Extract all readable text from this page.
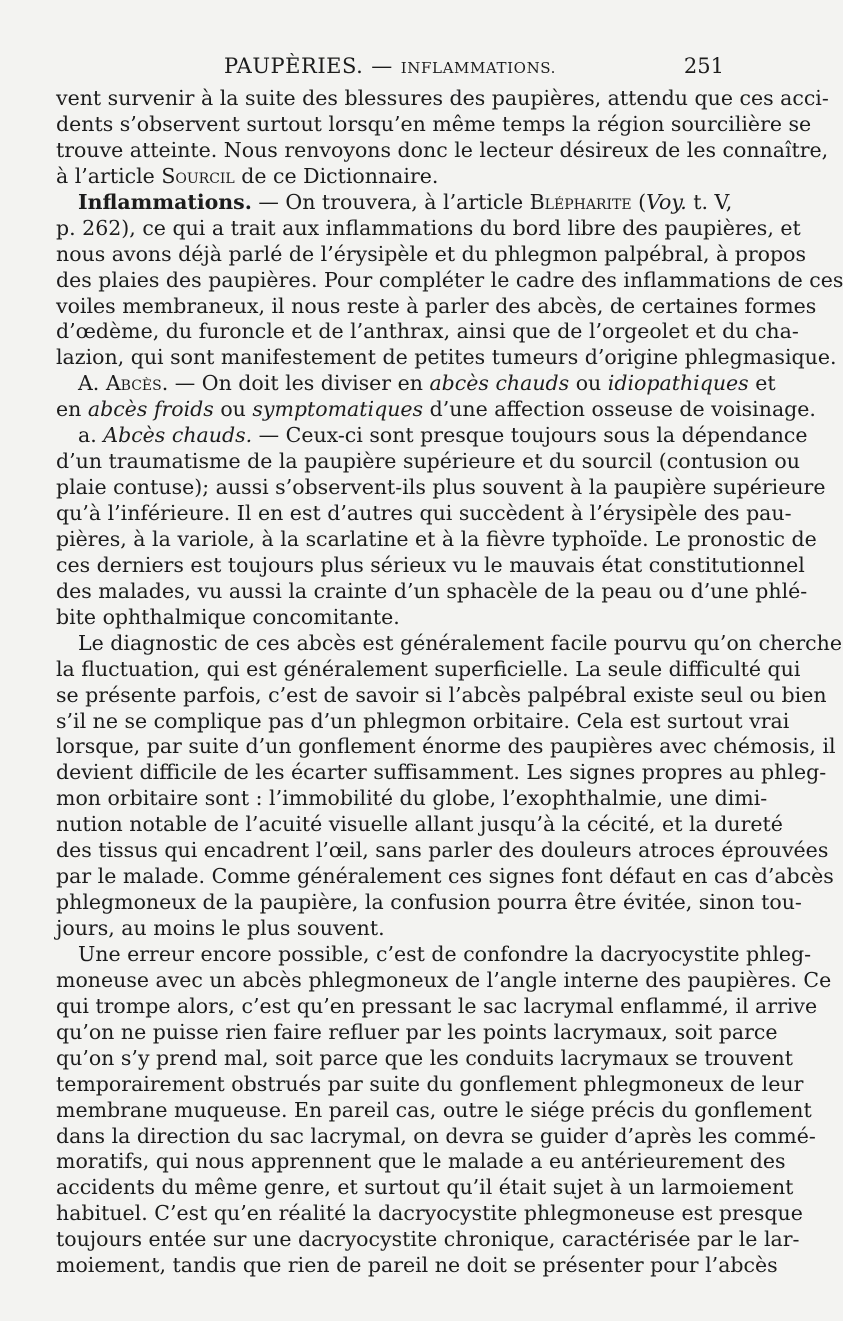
PAUPÈRIES. — INFLAMMATIONS.	251
vent survenir à la suite des blessures des paupières, attendu que ces acci-
dents s’observent surtout lorsqu’en même temps la région sourcilière se
trouve atteinte. Nous renvoyons donc le lecteur désireux de les connaître,
à l’article Sourcil de ce Dictionnaire.
Inflammations. — On trouvera, à l’article Blépharite (Voy. t. V,
p. 262), ce qui a trait aux inflammations du bord libre des paupières, et
nous avons déjà parlé de l’érysipèle et du phlegmon palpébral, à propos
des plaies des paupières. Pour compléter le cadre des inflammations de ces
voiles membraneux, il nous reste à parler des abcès, de certaines formes
d’œdème, du furoncle et de l’anthrax, ainsi que de l’orgeolet et du cha-
lazion, qui sont manifestement de petites tumeurs d’origine phlegmasique.
A. Abcès. — On doit les diviser en abcès chauds ou idiopathiques et
en abcès froids ou symptomatiques d’une affection osseuse de voisinage.
a. Abcès chauds. — Ceux-ci sont presque toujours sous la dépendance
d’un traumatisme de la paupière supérieure et du sourcil (contusion ou
plaie contuse); aussi s’observent-ils plus souvent à la paupière supérieure
qu’à l’inférieure. Il en est d’autres qui succèdent à l’érysipèle des pau-
pières, à la variole, à la scarlatine et à la fièvre typhoïde. Le pronostic de
ces derniers est toujours plus sérieux vu le mauvais état constitutionnel
des malades, vu aussi la crainte d’un sphacèle de la peau ou d’une phlé-
bite ophthalmique concomitante.
Le diagnostic de ces abcès est généralement facile pourvu qu’on cherche
la fluctuation, qui est généralement superficielle. La seule difficulté qui
se présente parfois, c’est de savoir si l’abcès palpébral existe seul ou bien
s’il ne se complique pas d’un phlegmon orbitaire. Cela est surtout vrai
lorsque, par suite d’un gonflement énorme des paupières avec chémosis, il
devient difficile de les écarter suffisamment. Les signes propres au phleg-
mon orbitaire sont : l’immobilité du globe, l’exophthalmie, une dimi-
nution notable de l’acuité visuelle allant jusqu’à la cécité, et la dureté
des tissus qui encadrent l’œil, sans parler des douleurs atroces éprouvées
par le malade. Comme généralement ces signes font défaut en cas d’abcès
phlegmoneux de la paupière, la confusion pourra être évitée, sinon tou-
jours, au moins le plus souvent.
Une erreur encore possible, c’est de confondre la dacryocystite phleg-
moneuse avec un abcès phlegmoneux de l’angle interne des paupières. Ce
qui trompe alors, c’est qu’en pressant le sac lacrymal enflammé, il arrive
qu’on ne puisse rien faire refluer par les points lacrymaux, soit parce
qu’on s’y prend mal, soit parce que les conduits lacrymaux se trouvent
temporairement obstrués par suite du gonflement phlegmoneux de leur
membrane muqueuse. En pareil cas, outre le siége précis du gonflement
dans la direction du sac lacrymal, on devra se guider d’après les commé-
moratifs, qui nous apprennent que le malade a eu antérieurement des
accidents du même genre, et surtout qu’il était sujet à un larmoiement
habituel. C’est qu’en réalité la dacryocystite phlegmoneuse est presque
toujours entée sur une dacryocystite chronique, caractérisée par le lar-
moiement, tandis que rien de pareil ne doit se présenter pour l’abcès
